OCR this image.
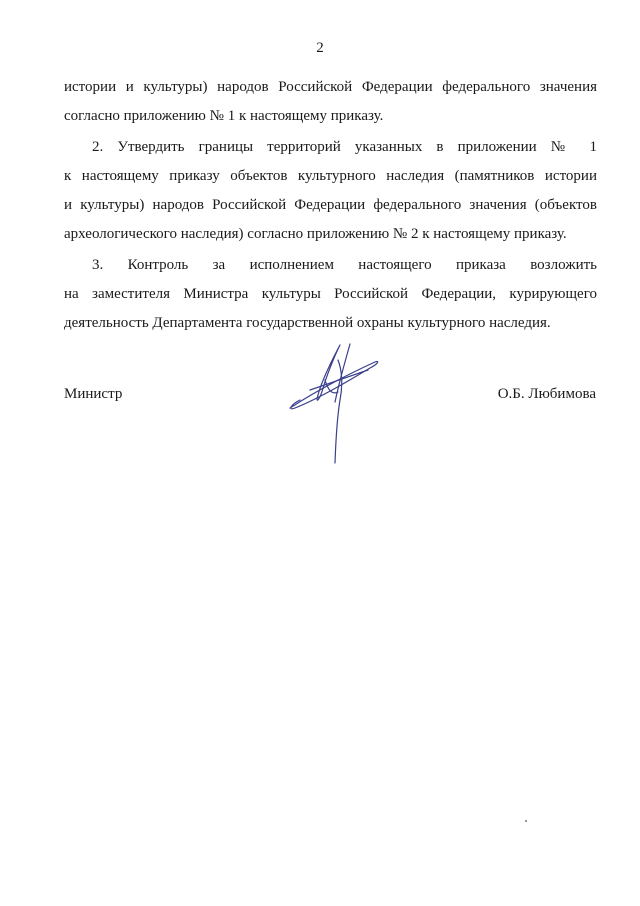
2
истории и культуры) народов Российской Федерации федерального значения
согласно приложению № 1 к настоящему приказу.
2. Утвердить границы территорий указанных в приложении № 1
к настоящему приказу объектов культурного наследия (памятников истории
и культуры) народов Российской Федерации федерального значения (объектов
археологического наследия) согласно приложению № 2 к настоящему приказу.
3. Контроль за исполнением настоящего приказа возложить
на заместителя Министра культуры Российской Федерации, курирующего
деятельность Департамента государственной охраны культурного наследия.
Министр	О.Б. Любимова
